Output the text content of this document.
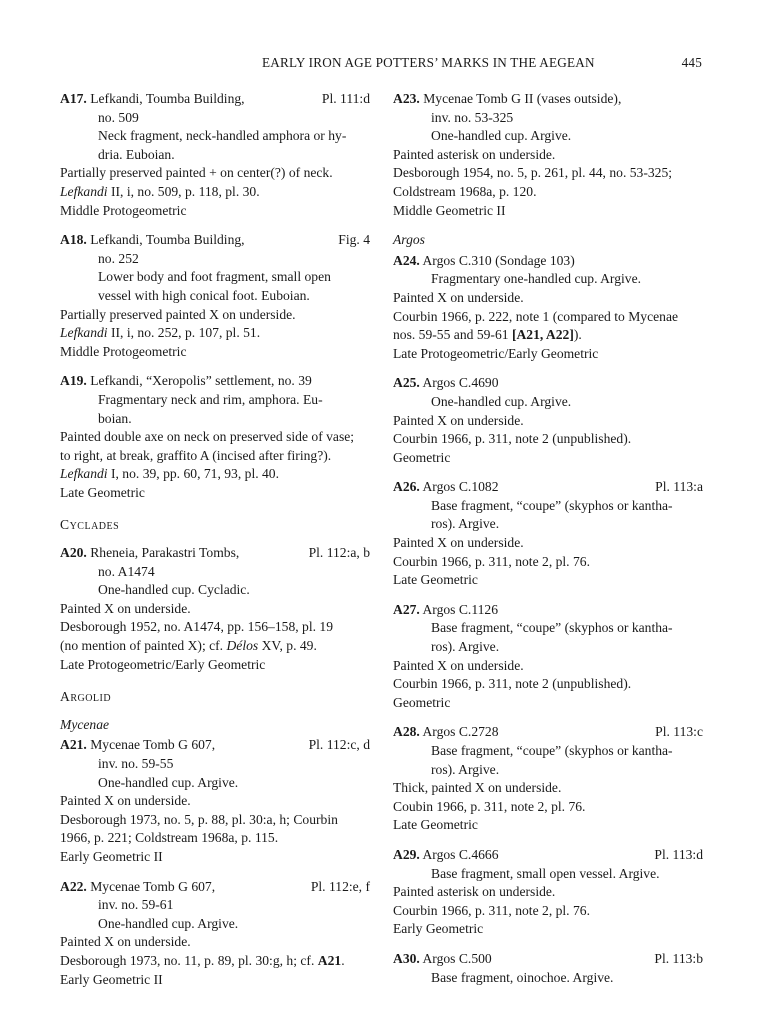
EARLY IRON AGE POTTERS’ MARKS IN THE AEGEAN	445
A17. Lefkandi, Toumba Building,	Pl. 111:d
no. 509
Neck fragment, neck-handled amphora or hy-
dria. Euboian.

Partially preserved painted + on center(?) of neck.

Lefkandi II, i, no. 509, p. 118, pl. 30.

Middle Protogeometric

A18. Lefkandi, Toumba Building,	Fig. 4
no. 252
Lower body and foot fragment, small open
vessel with high conical foot. Euboian.

Partially preserved painted X on underside.

Lefkandi II, i, no. 252, p. 107, pl. 51.

Middle Protogeometric

A19. Lefkandi, “Xeropolis” settlement, no. 39
Fragmentary neck and rim, amphora. Eu-
boian.

Painted double axe on neck on preserved side of vase;

to right, at break, graffito A (incised after firing?).

Lefkandi I, no. 39, pp. 60, 71, 93, pl. 40.

Late Geometric

Cyclades
A20. Rheneia, Parakastri Tombs,	Pl. 112:a, b
no. A1474
One-handled cup. Cycladic.

Painted X on underside.

Desborough 1952, no. A1474, pp. 156–158, pl. 19

(no mention of painted X); cf. Délos XV, p. 49.

Late Protogeometric/Early Geometric

Argolid
Mycenae
A21. Mycenae Tomb G 607,	Pl. 112:c, d
inv. no. 59-55
One-handled cup. Argive.

Painted X on underside.

Desborough 1973, no. 5, p. 88, pl. 30:a, h; Courbin

1966, p. 221; Coldstream 1968a, p. 115.

Early Geometric II

A22. Mycenae Tomb G 607,	Pl. 112:e, f
inv. no. 59-61
One-handled cup. Argive.

Painted X on underside.

Desborough 1973, no. 11, p. 89, pl. 30:g, h; cf. A21.

Early Geometric II

A23. Mycenae Tomb G II (vases outside),
inv. no. 53-325
One-handled cup. Argive.

Painted asterisk on underside.

Desborough 1954, no. 5, p. 261, pl. 44, no. 53-325;

Coldstream 1968a, p. 120.

Middle Geometric II

Argos
A24. Argos C.310 (Sondage 103)
Fragmentary one-handled cup. Argive.

Painted X on underside.

Courbin 1966, p. 222, note 1 (compared to Mycenae

nos. 59-55 and 59-61 [A21, A22]).

Late Protogeometric/Early Geometric

A25. Argos C.4690
One-handled cup. Argive.

Painted X on underside.

Courbin 1966, p. 311, note 2 (unpublished).

Geometric

A26. Argos C.1082	Pl. 113:a
Base fragment, “coupe” (skyphos or kantha-
ros). Argive.

Painted X on underside.

Courbin 1966, p. 311, note 2, pl. 76.

Late Geometric

A27. Argos C.1126
Base fragment, “coupe” (skyphos or kantha-
ros). Argive.

Painted X on underside.

Courbin 1966, p. 311, note 2 (unpublished).

Geometric

A28. Argos C.2728	Pl. 113:c
Base fragment, “coupe” (skyphos or kantha-
ros). Argive.

Thick, painted X on underside.

Coubin 1966, p. 311, note 2, pl. 76.

Late Geometric

A29. Argos C.4666	Pl. 113:d
Base fragment, small open vessel. Argive.

Painted asterisk on underside.

Courbin 1966, p. 311, note 2, pl. 76.

Early Geometric

A30. Argos C.500	Pl. 113:b
Base fragment, oinochoe. Argive.
